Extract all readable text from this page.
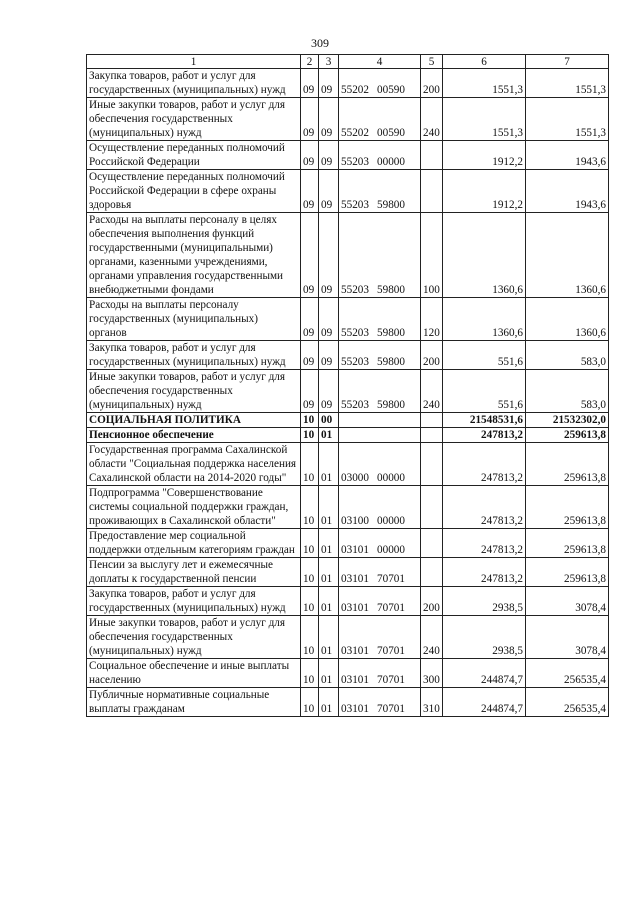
309
1	2	3	4	5	6	7
Закупка товаров, работ и услуг для государственных (муниципальных) нужд	09	09	55202 00590	200	1551,3	1551,3
Иные закупки товаров, работ и услуг для обеспечения государственных (муниципальных) нужд	09	09	55202 00590	240	1551,3	1551,3
Осуществление переданных полномочий Российской Федерации	09	09	55203 00000		1912,2	1943,6
Осуществление переданных полномочий Российской Федерации в сфере охраны здоровья	09	09	55203 59800		1912,2	1943,6
Расходы на выплаты персоналу в целях обеспечения выполнения функций государственными (муниципальными) органами, казенными учреждениями, органами управления государственными внебюджетными фондами	09	09	55203 59800	100	1360,6	1360,6
Расходы на выплаты персоналу государственных (муниципальных) органов	09	09	55203 59800	120	1360,6	1360,6
Закупка товаров, работ и услуг для государственных (муниципальных) нужд	09	09	55203 59800	200	551,6	583,0
Иные закупки товаров, работ и услуг для обеспечения государственных (муниципальных) нужд	09	09	55203 59800	240	551,6	583,0
СОЦИАЛЬНАЯ ПОЛИТИКА	10	00			21548531,6	21532302,0
Пенсионное обеспечение	10	01			247813,2	259613,8
Государственная программа Сахалинской области "Социальная поддержка населения Сахалинской области на 2014-2020 годы"	10	01	03000 00000		247813,2	259613,8
Подпрограмма "Совершенствование системы социальной поддержки граждан, проживающих в Сахалинской области"	10	01	03100 00000		247813,2	259613,8
Предоставление мер социальной поддержки отдельным категориям граждан	10	01	03101 00000		247813,2	259613,8
Пенсии за выслугу лет и ежемесячные доплаты к государственной пенсии	10	01	03101 70701		247813,2	259613,8
Закупка товаров, работ и услуг для государственных (муниципальных) нужд	10	01	03101 70701	200	2938,5	3078,4
Иные закупки товаров, работ и услуг для обеспечения государственных (муниципальных) нужд	10	01	03101 70701	240	2938,5	3078,4
Социальное обеспечение и иные выплаты населению	10	01	03101 70701	300	244874,7	256535,4
Публичные нормативные социальные выплаты гражданам	10	01	03101 70701	310	244874,7	256535,4
